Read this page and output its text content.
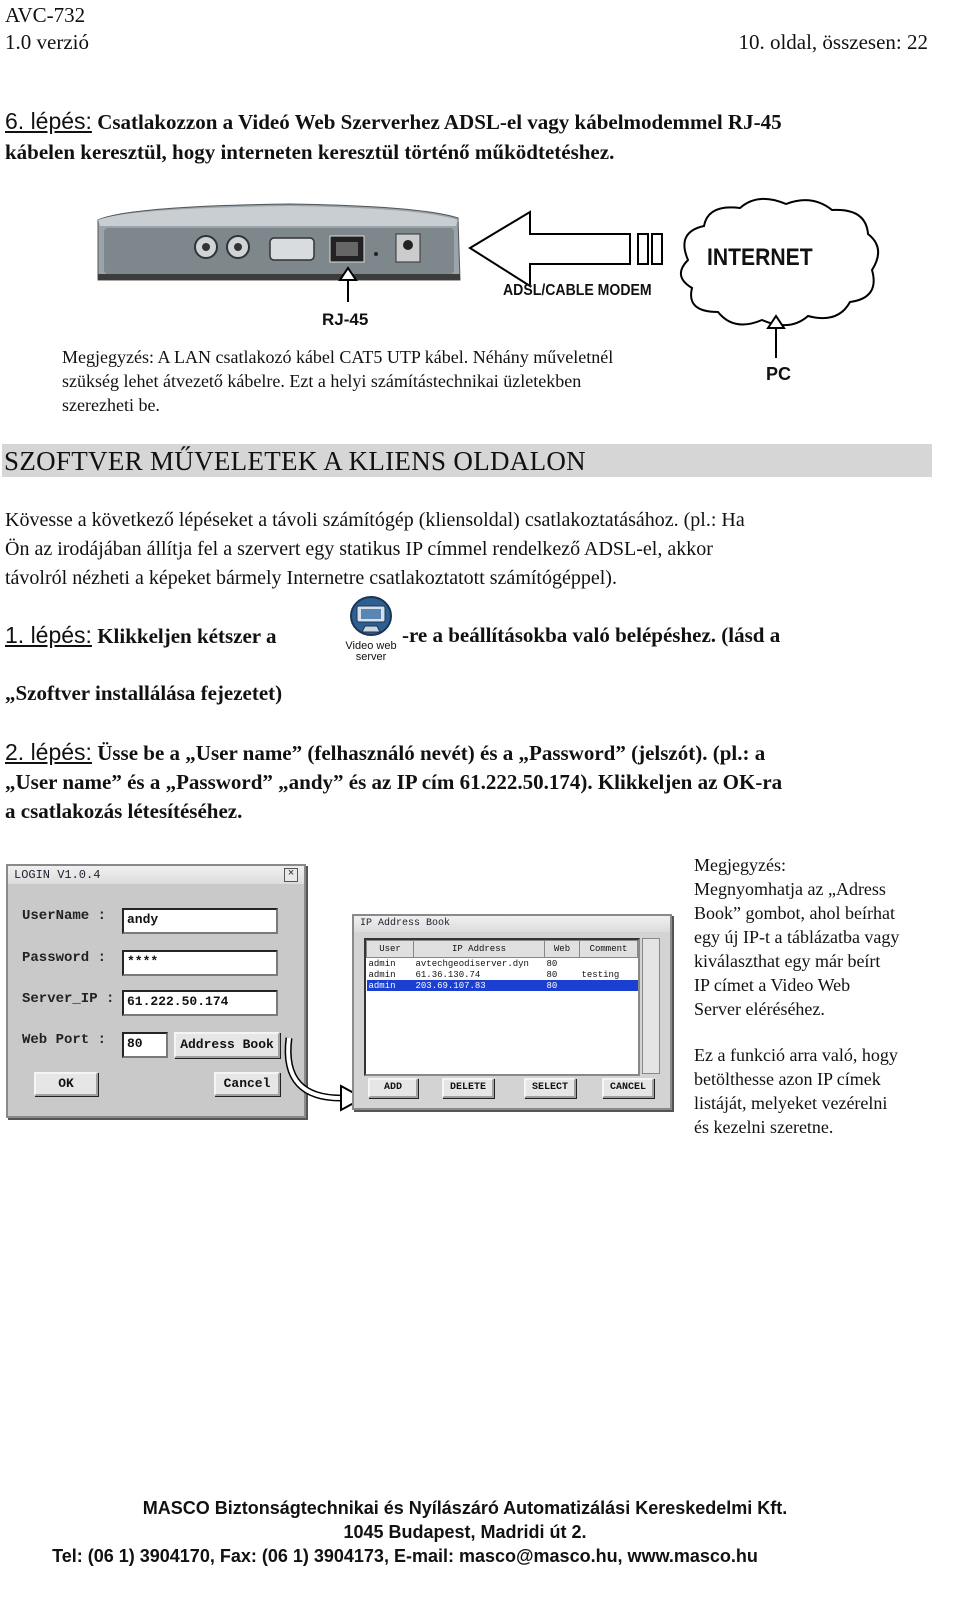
AVC-732
1.0 verzió	10. oldal, összesen: 22
6. lépés: Csatlakozzon a Videó Web Szerverhez ADSL-el vagy kábelmodemmel RJ-45
kábelen keresztül, hogy interneten keresztül történő működtetéshez.
RJ-45
ADSL/CABLE MODEM
INTERNET
PC
Megjegyzés: A LAN csatlakozó kábel CAT5 UTP kábel. Néhány műveletnél
szükség lehet átvezető kábelre. Ezt a helyi számítástechnikai üzletekben
szerezheti be.
SZOFTVER MŰVELETEK A KLIENS OLDALON
Kövesse a következő lépéseket a távoli számítógép (kliensoldal) csatlakoztatásához. (pl.: Ha
Ön az irodájában állítja fel a szervert egy statikus IP címmel rendelkező ADSL-el, akkor
távolról nézheti a képeket bármely Internetre csatlakoztatott számítógéppel).
1. lépés: Klikkeljen kétszer a	Video web
server
-re a beállításokba való belépéshez. (lásd a
„Szoftver installálása fejezetet)
2. lépés: Üsse be a „User name” (felhasználó nevét) és a „Password” (jelszót). (pl.: a
„User name” és a „Password” „andy” és az IP cím 61.222.50.174). Klikkeljen az OK-ra
a csatlakozás létesítéséhez.
LOGIN V1.0.4	×
UserName :	andy
Password :	****
Server_IP : 61.222.50.174
Web Port :	80	Address Book
OK	Cancel
IP Address Book
User	IP Address	Web	Comment
admin	avtechgeodiserver.dyn	80	
admin	61.36.130.74	80	testing
admin	203.69.107.83	80	
ADD	DELETE	SELECT	CANCEL
Megjegyzés:
Megnyomhatja az „Adress
Book” gombot, ahol beírhat
egy új IP-t a táblázatba vagy
kiválaszthat egy már beírt
IP címet a Video Web
Server eléréséhez.
Ez a funkció arra való, hogy
betölthesse azon IP címek
listáját, melyeket vezérelni
és kezelni szeretne.
MASCO Biztonságtechnikai és Nyílászáró Automatizálási Kereskedelmi Kft.
1045 Budapest, Madridi út 2.
Tel: (06 1) 3904170, Fax: (06 1) 3904173, E-mail: masco@masco.hu, www.masco.hu
